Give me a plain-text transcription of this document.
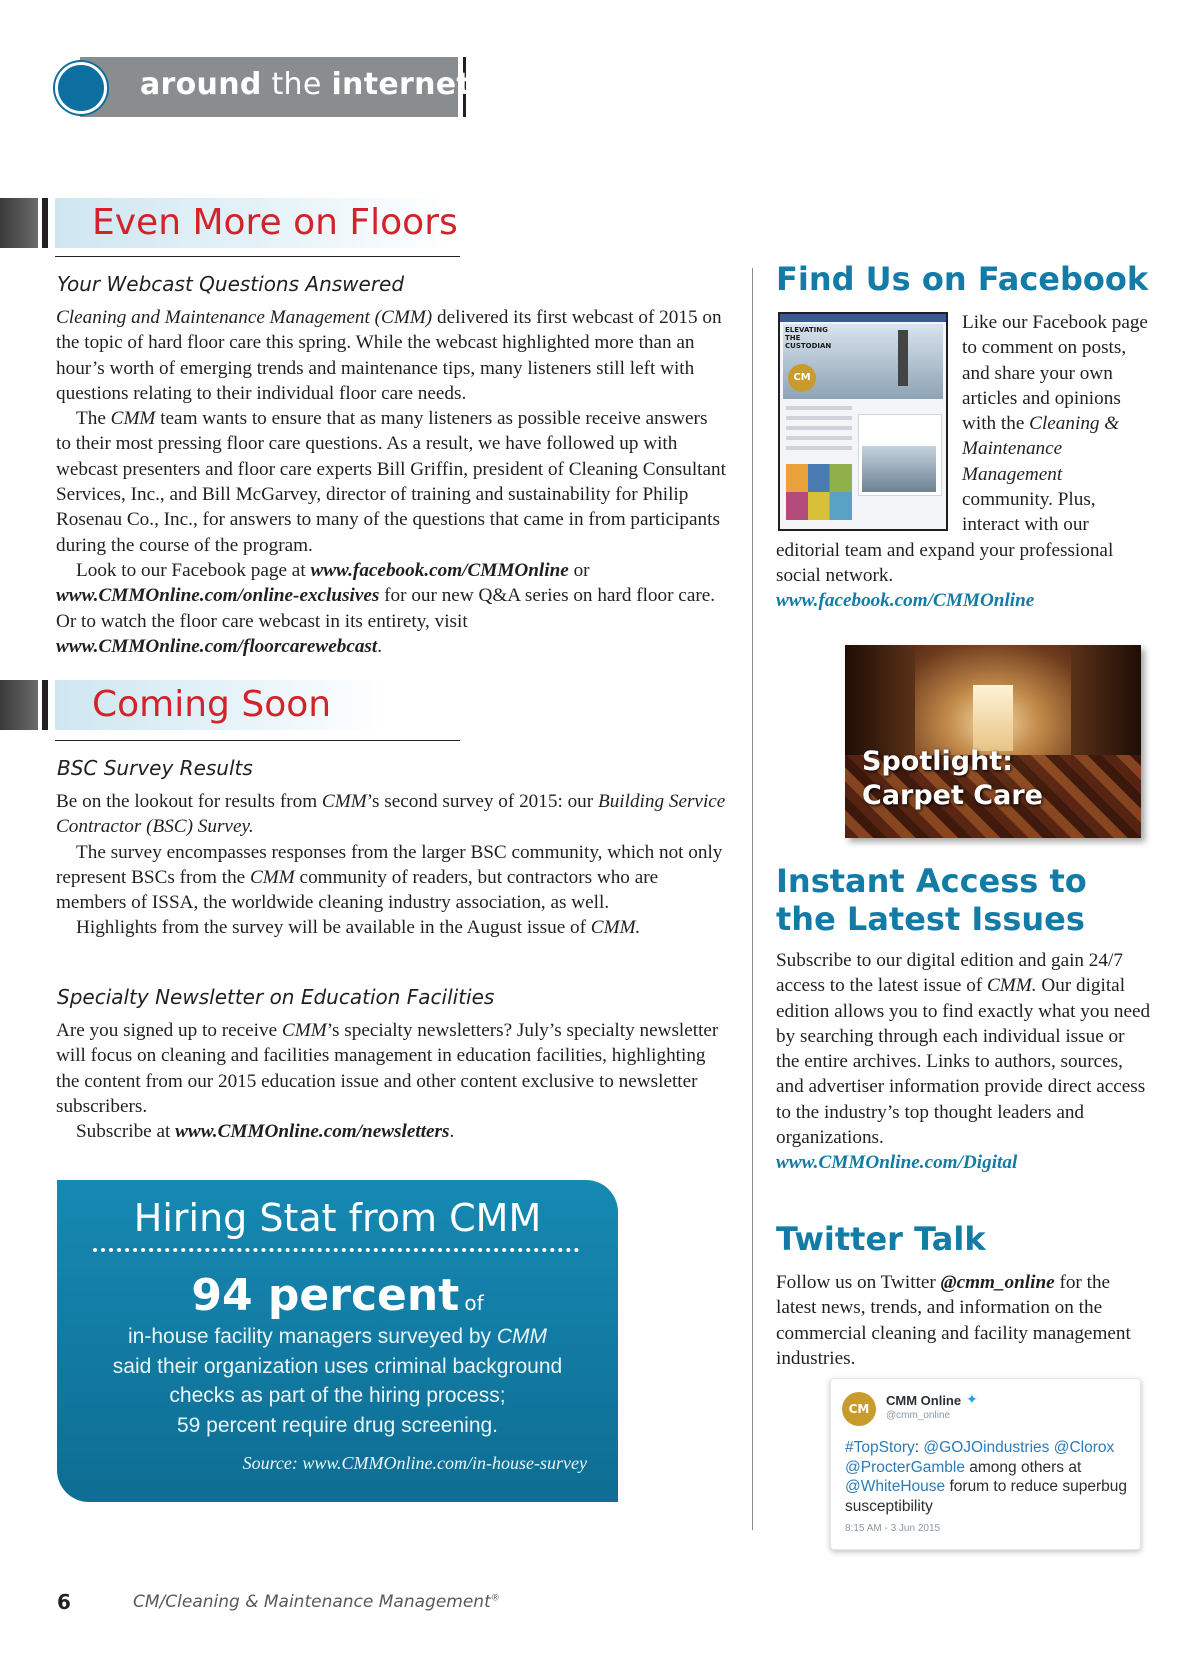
around the internet
Even More on Floors
Your Webcast Questions Answered

Cleaning and Maintenance Management (CMM) delivered its first webcast of 2015 on the topic of hard floor care this spring. While the webcast highlighted more than an hour’s worth of emerging trends and maintenance tips, many listeners still left with questions relating to their individual floor care needs.

The CMM team wants to ensure that as many listeners as possible receive answers to their most pressing floor care questions. As a result, we have followed up with webcast presenters and floor care experts Bill Griffin, president of Cleaning Consultant Services, Inc., and Bill McGarvey, director of training and sustainability for Philip Rosenau Co., Inc., for answers to many of the questions that came in from participants during the course of the program.

Look to our Facebook page at www.facebook.com/CMMOnline or www.CMMOnline.com/online-exclusives for our new Q&A series on hard floor care. Or to watch the floor care webcast in its entirety, visit www.CMMOnline.com/floorcarewebcast.

Coming Soon
BSC Survey Results

Be on the lookout for results from CMM’s second survey of 2015: our Building Service Contractor (BSC) Survey.

The survey encompasses responses from the larger BSC community, which not only represent BSCs from the CMM community of readers, but contractors who are members of ISSA, the worldwide cleaning industry association, as well.

Highlights from the survey will be available in the August issue of CMM.

Specialty Newsletter on Education Facilities

Are you signed up to receive CMM’s specialty newsletters? July’s specialty newsletter will focus on cleaning and facilities management in education facilities, highlighting the content from our 2015 education issue and other content exclusive to newsletter subscribers.

Subscribe at www.CMMOnline.com/newsletters.

Hiring Stat from CMM
94 percent of
in-house facility managers surveyed by CMM
said their organization uses criminal background
checks as part of the hiring process;
59 percent require drug screening.
Source: www.CMMOnline.com/in-house-survey
Find Us on Facebook
ELEVATING THE CUSTODIAN
CM

Like our Facebook page to comment on posts, and share your own articles and opinions with the Cleaning & Maintenance Management community. Plus, interact with our editorial team and expand your professional social network.

www.facebook.com/CMMOnline

Spotlight:
Carpet Care
Instant Access to
the Latest Issues

Subscribe to our digital edition and gain 24/7 access to the latest issue of CMM. Our digital edition allows you to find exactly what you need by searching through each individual issue or the entire archives. Links to authors, sources, and advertiser information provide direct access to the industry’s top thought leaders and organizations.

www.CMMOnline.com/Digital

Twitter Talk

Follow us on Twitter @cmm_online for the latest news, trends, and information on the commercial cleaning and facility management industries.

CM
CMM Online ✦
@cmm_online
#TopStory: @GOJOindustries @Clorox @ProcterGamble among others at @WhiteHouse forum to reduce superbug susceptibility
8:15 AM - 3 Jun 2015
6	CM/Cleaning & Maintenance Management®
